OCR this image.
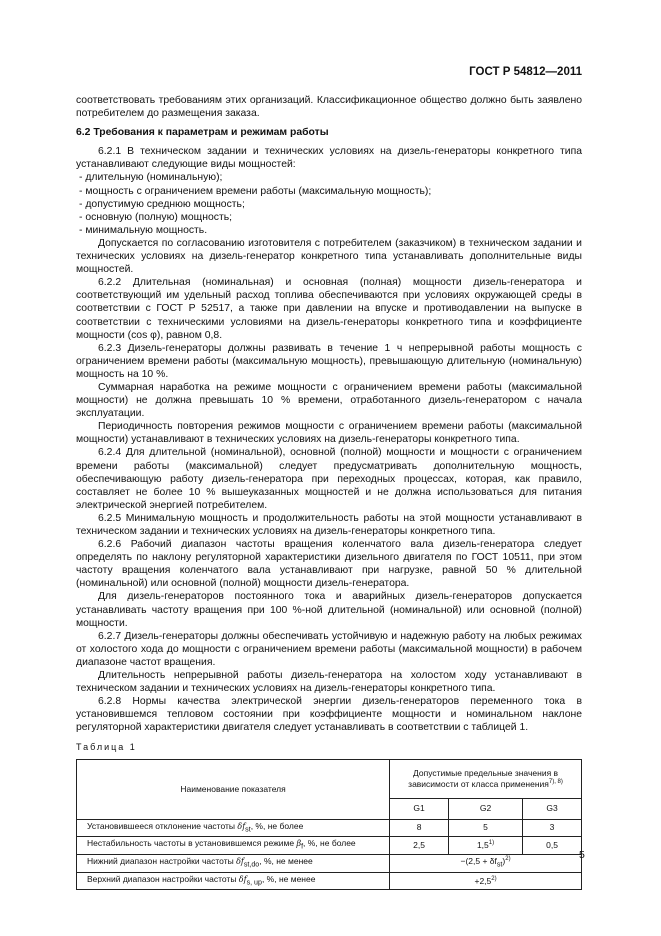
ГОСТ Р 54812—2011

соответствовать требованиям этих организаций. Классификационное общество должно быть заявлено потребителем до размещения заказа.

6.2 Требования к параметрам и режимам работы

6.2.1 В техническом задании и технических условиях на дизель-генераторы конкретного типа устанавливают следующие виды мощностей:

- длительную (номинальную);
- мощность с ограничением времени работы (максимальную мощность);
- допустимую среднюю мощность;
- основную (полную) мощность;
- минимальную мощность.

Допускается по согласованию изготовителя с потребителем (заказчиком) в техническом задании и технических условиях на дизель-генератор конкретного типа устанавливать дополнительные виды мощностей.

6.2.2 Длительная (номинальная) и основная (полная) мощности дизель-генератора и соответствующий им удельный расход топлива обеспечиваются при условиях окружающей среды в соответствии с ГОСТ Р 52517, а также при давлении на впуске и противодавлении на выпуске в соответствии с техническими условиями на дизель-генераторы конкретного типа и коэффициенте мощности (cos φ), равном 0,8.

6.2.3 Дизель-генераторы должны развивать в течение 1 ч непрерывной работы мощность с ограничением времени работы (максимальную мощность), превышающую длительную (номинальную) мощность на 10 %.

Суммарная наработка на режиме мощности с ограничением времени работы (максимальной мощности) не должна превышать 10 % времени, отработанного дизель-генератором с начала эксплуатации.

Периодичность повторения режимов мощности с ограничением времени работы (максимальной мощности) устанавливают в технических условиях на дизель-генераторы конкретного типа.

6.2.4 Для длительной (номинальной), основной (полной) мощности и мощности с ограничением времени работы (максимальной) следует предусматривать дополнительную мощность, обеспечивающую работу дизель-генератора при переходных процессах, которая, как правило, составляет не более 10 % вышеуказанных мощностей и не должна использоваться для питания электрической энергией потребителем.

6.2.5 Минимальную мощность и продолжительность работы на этой мощности устанавливают в техническом задании и технических условиях на дизель-генераторы конкретного типа.

6.2.6 Рабочий диапазон частоты вращения коленчатого вала дизель-генератора следует определять по наклону регуляторной характеристики дизельного двигателя по ГОСТ 10511, при этом частоту вращения коленчатого вала устанавливают при нагрузке, равной 50 % длительной (номинальной) или основной (полной) мощности дизель-генератора.

Для дизель-генераторов постоянного тока и аварийных дизель-генераторов допускается устанавливать частоту вращения при 100 %-ной длительной (номинальной) или основной (полной) мощности.

6.2.7 Дизель-генераторы должны обеспечивать устойчивую и надежную работу на любых режимах от холостого хода до мощности с ограничением времени работы (максимальной мощности) в рабочем диапазоне частот вращения.

Длительность непрерывной работы дизель-генератора на холостом ходу устанавливают в техническом задании и технических условиях на дизель-генераторы конкретного типа.

6.2.8 Нормы качества электрической энергии дизель-генераторов переменного тока в установившемся тепловом состоянии при коэффициенте мощности и номинальном наклоне регуляторной характеристики двигателя следует устанавливать в соответствии с таблицей 1.

Таблица 1

Наименование показателя	Допустимые предельные значения в зависимости от класса применения$^{7), 8)}$
	G1	G2	G3
Установившееся отклонение частоты $\delta f_{st}$, %, не более	8	5	3
Нестабильность частоты в установившемся режиме $\beta_f$, %, не более	2,5	1,5$^{1)}$	0,5
Нижний диапазон настройки частоты $\delta f_{st,do}$, %, не менее	$-(2,5 + \delta f_{st})^{2)}$
Верхний диапазон настройки частоты $\delta f_{s, up}$, %, не менее	$+2,5^{2)}$
5
